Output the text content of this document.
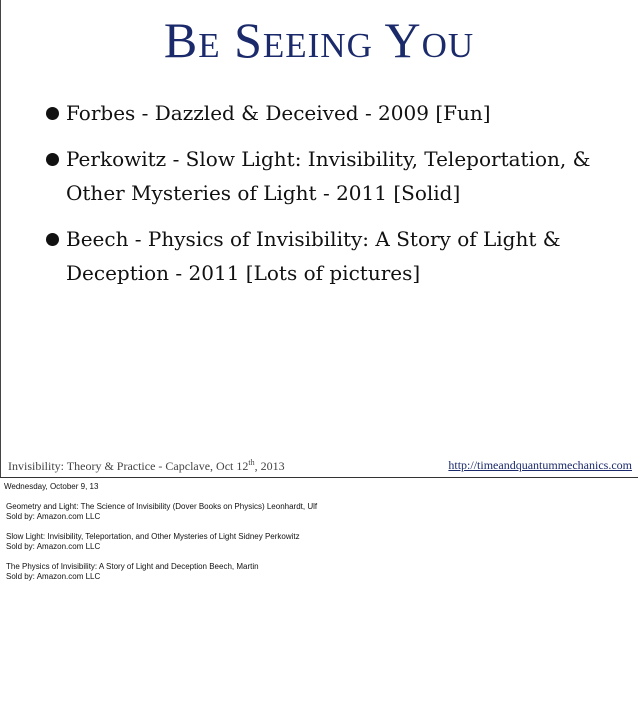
Be Seeing You
Forbes - Dazzled & Deceived - 2009 [Fun]
Perkowitz - Slow Light: Invisibility, Teleportation, & Other Mysteries of Light - 2011 [Solid]
Beech - Physics of Invisibility: A Story of Light & Deception - 2011 [Lots of pictures]
Invisibility: Theory & Practice - Capclave, Oct 12th, 2013	http://timeandquantummechanics.com
Wednesday, October 9, 13
Geometry and Light: The Science of Invisibility (Dover Books on Physics) Leonhardt, Ulf
Sold by: Amazon.com LLC
Slow Light: Invisibility, Teleportation, and Other Mysteries of Light Sidney Perkowitz
Sold by: Amazon.com LLC
The Physics of Invisibility: A Story of Light and Deception Beech, Martin
Sold by: Amazon.com LLC
